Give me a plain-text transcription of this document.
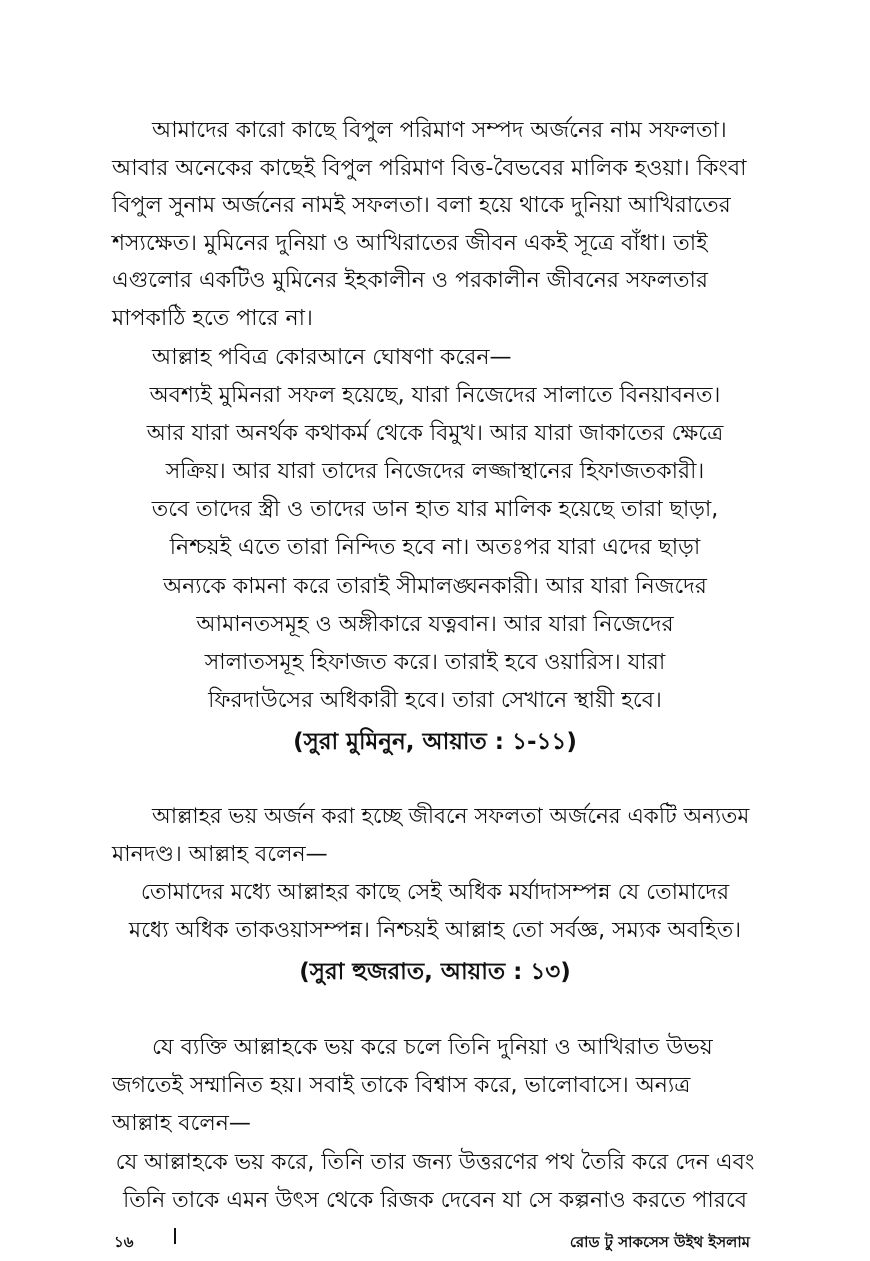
আমাদের কারো কাছে বিপুল পরিমাণ সম্পদ অর্জনের নাম সফলতা।
আবার অনেকের কাছেই বিপুল পরিমাণ বিত্ত-বৈভবের মালিক হওয়া। কিংবা
বিপুল সুনাম অর্জনের নামই সফলতা। বলা হয়ে থাকে দুনিয়া আখিরাতের
শস্যক্ষেত। মুমিনের দুনিয়া ও আখিরাতের জীবন একই সূত্রে বাঁধা। তাই
এগুলোর একটিও মুমিনের ইহকালীন ও পরকালীন জীবনের সফলতার
মাপকাঠি হতে পারে না।
আল্লাহ পবিত্র কোরআনে ঘোষণা করেন—
অবশ্যই মুমিনরা সফল হয়েছে, যারা নিজেদের সালাতে বিনয়াবনত।
আর যারা অনর্থক কথাকর্ম থেকে বিমুখ। আর যারা জাকাতের ক্ষেত্রে
সক্রিয়। আর যারা তাদের নিজেদের লজ্জাস্থানের হিফাজতকারী।
তবে তাদের স্ত্রী ও তাদের ডান হাত যার মালিক হয়েছে তারা ছাড়া,
নিশ্চয়ই এতে তারা নিন্দিত হবে না। অতঃপর যারা এদের ছাড়া
অন্যকে কামনা করে তারাই সীমালঙ্ঘনকারী। আর যারা নিজদের
আমানতসমূহ ও অঙ্গীকারে যত্নবান। আর যারা নিজেদের
সালাতসমূহ হিফাজত করে। তারাই হবে ওয়ারিস। যারা
ফিরদাউসের অধিকারী হবে। তারা সেখানে স্থায়ী হবে।
(সুরা মুমিনুন, আয়াত : ১-১১)
আল্লাহর ভয় অর্জন করা হচ্ছে জীবনে সফলতা অর্জনের একটি অন্যতম
মানদণ্ড। আল্লাহ বলেন—
তোমাদের মধ্যে আল্লাহর কাছে সেই অধিক মর্যাদাসম্পন্ন যে তোমাদের
মধ্যে অধিক তাকওয়াসম্পন্ন। নিশ্চয়ই আল্লাহ তো সর্বজ্ঞ, সম্যক অবহিত।
(সুরা হুজরাত, আয়াত : ১৩)
যে ব্যক্তি আল্লাহকে ভয় করে চলে তিনি দুনিয়া ও আখিরাত উভয়
জগতেই সম্মানিত হয়। সবাই তাকে বিশ্বাস করে, ভালোবাসে। অন্যত্র
আল্লাহ বলেন—
যে আল্লাহকে ভয় করে, তিনি তার জন্য উত্তরণের পথ তৈরি করে দেন এবং
তিনি তাকে এমন উৎস থেকে রিজক দেবেন যা সে কল্পনাও করতে পারবে
১৬	রোড টু সাকসেস উইথ ইসলাম
